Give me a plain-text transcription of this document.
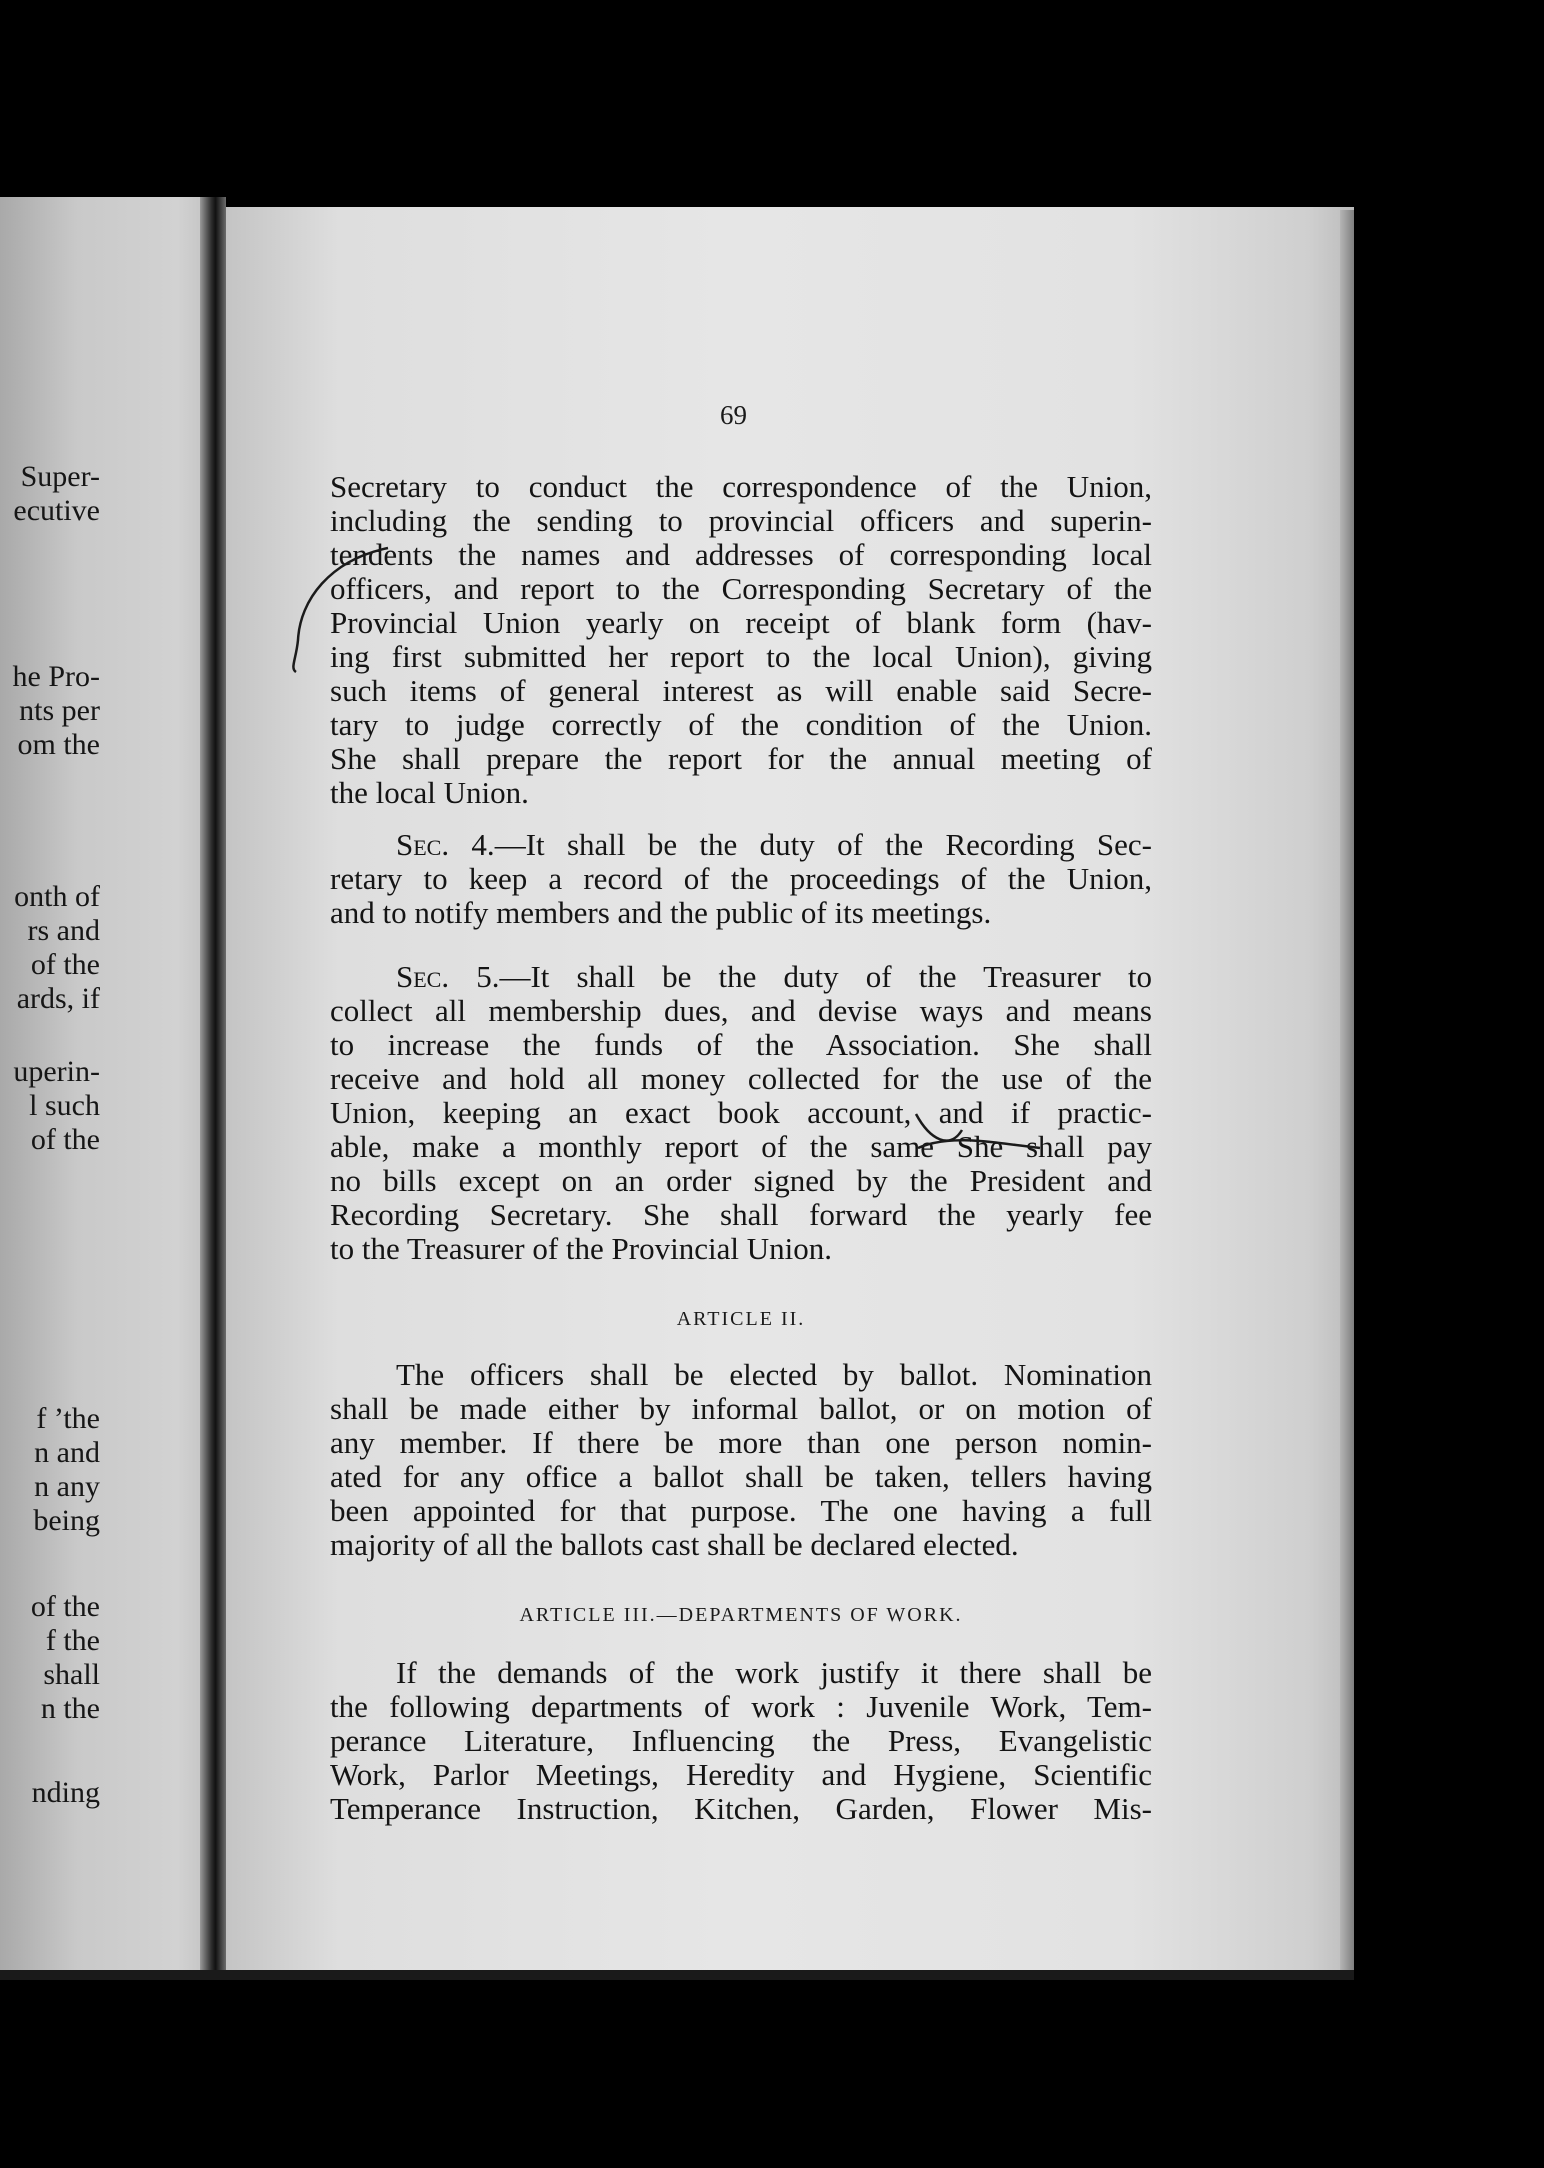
Super-
ecutive
he Pro-
nts per
om the
onth of
rs and
of the
ards, if
uperin-
l such
of the
f ’the
n and
n any
being
of the
f the
shall
n the
nding
69
Secretary to conduct the correspondence of the Union,
including the sending to provincial officers and superin-
tendents the names and addresses of corresponding local
officers, and report to the Corresponding Secretary of the
Provincial Union yearly on receipt of blank form (hav-
ing first submitted her report to the local Union), giving
such items of general interest as will enable said Secre-
tary to judge correctly of the condition of the Union.
She shall prepare the report for the annual meeting of
the local Union.
Sec. 4.—It shall be the duty of the Recording Sec-
retary to keep a record of the proceedings of the Union,
and to notify members and the public of its meetings.
Sec. 5.—It shall be the duty of the Treasurer to
collect all membership dues, and devise ways and means
to increase the funds of the Association. She shall
receive and hold all money collected for the use of the
Union, keeping an exact book account, and if practic-
able, make a monthly report of the same She shall pay
no bills except on an order signed by the President and
Recording Secretary. She shall forward the yearly fee
to the Treasurer of the Provincial Union.
ARTICLE II.
The officers shall be elected by ballot. Nomination
shall be made either by informal ballot, or on motion of
any member. If there be more than one person nomin-
ated for any office a ballot shall be taken, tellers having
been appointed for that purpose. The one having a full
majority of all the ballots cast shall be declared elected.
ARTICLE III.—DEPARTMENTS OF WORK.
If the demands of the work justify it there shall be
the following departments of work : Juvenile Work, Tem-
perance Literature, Influencing the Press, Evangelistic
Work, Parlor Meetings, Heredity and Hygiene, Scientific
Temperance Instruction, Kitchen, Garden, Flower Mis-
